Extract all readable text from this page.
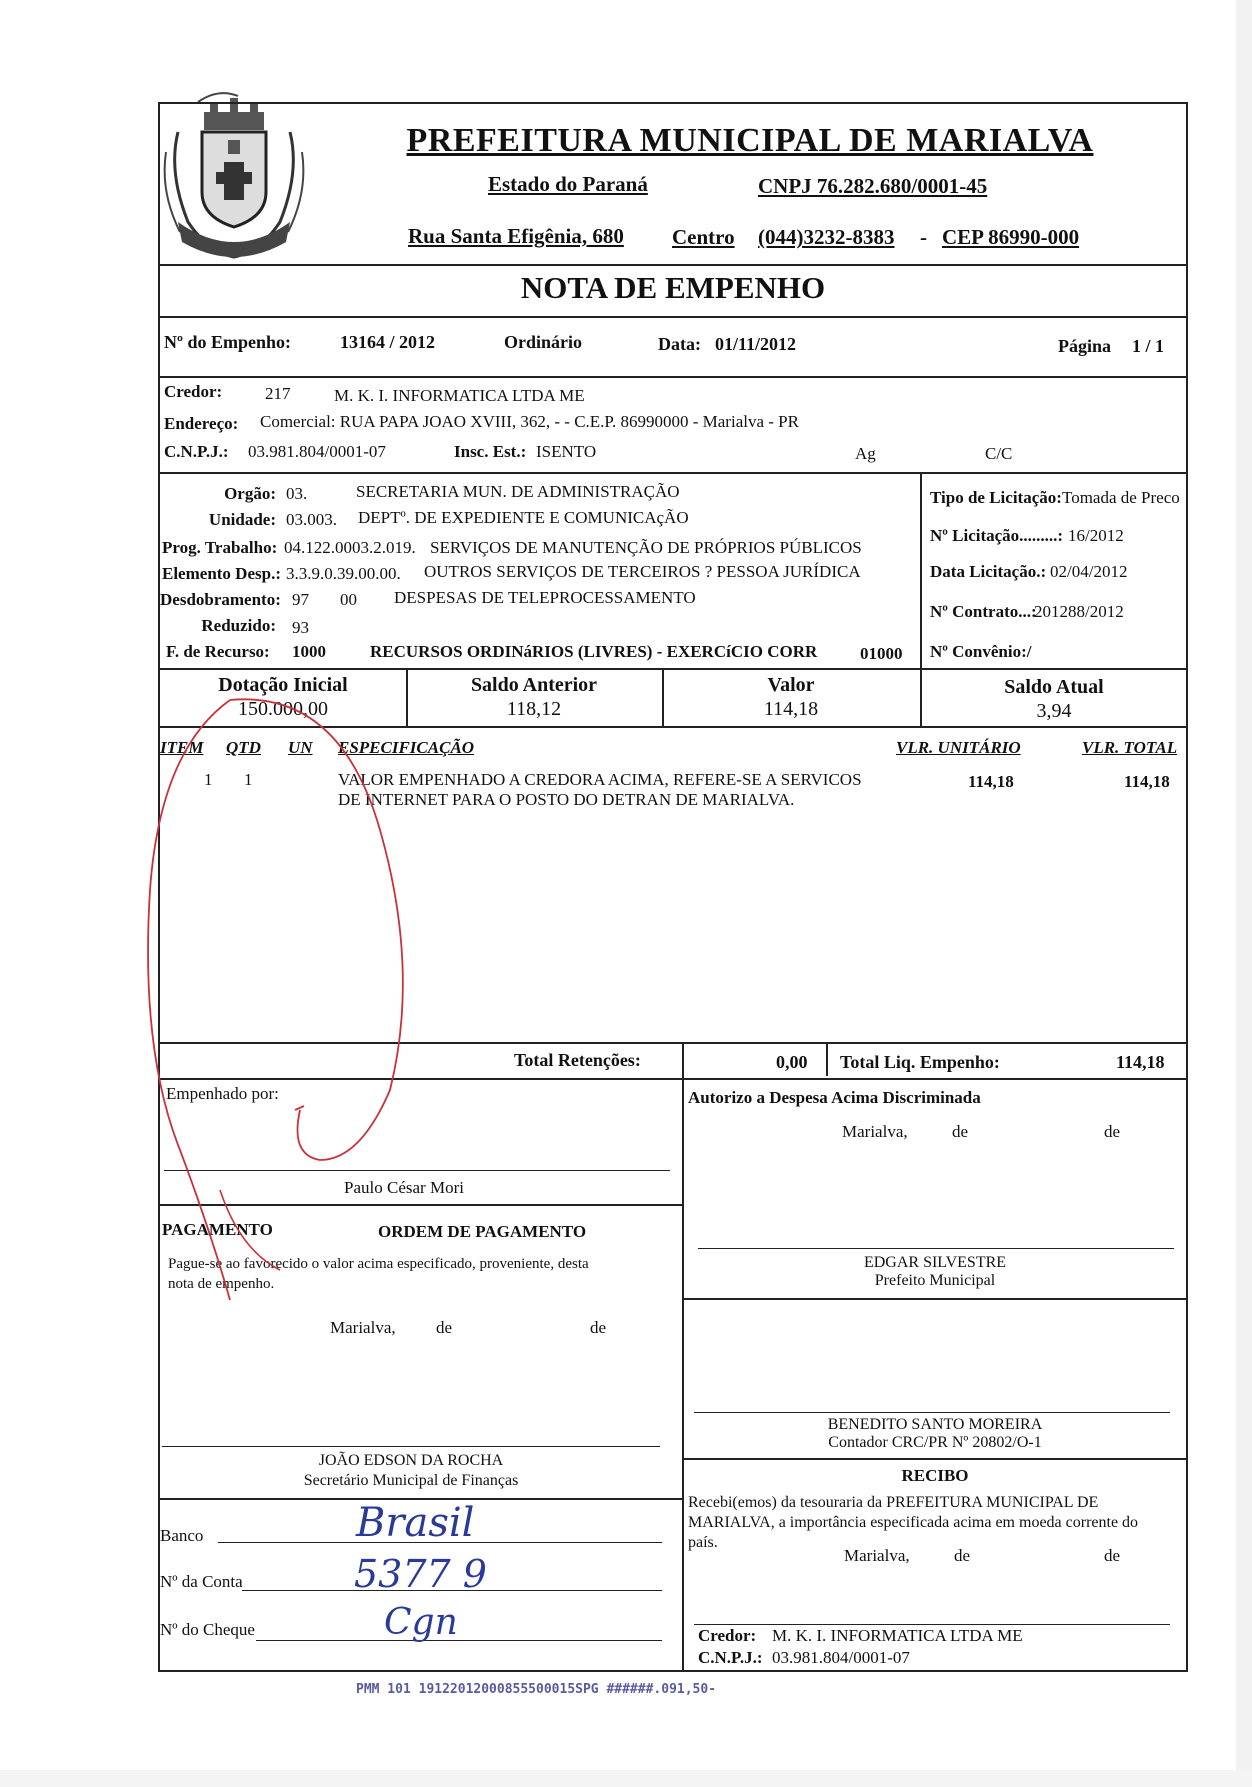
PREFEITURA MUNICIPAL DE MARIALVA
Estado do Paraná	CNPJ 76.282.680/0001-45
Rua Santa Efigênia, 680 Centro (044)3232-8383 - CEP 86990-000
NOTA DE EMPENHO
Nº do Empenho:	13164 / 2012	Ordinário	Data: 01/11/2012	Página 1 / 1
Credor:	217	M. K. I. INFORMATICA LTDA ME
Endereço: Comercial: RUA PAPA JOAO XVIII, 362, - - C.E.P. 86990000 - Marialva - PR
C.N.P.J.: 03.981.804/0001-07	Insc. Est.: ISENTO	Ag	C/C
Orgão: 03.	SECRETARIA MUN. DE ADMINISTRAÇÃO
Unidade: 03.003. DEPTº. DE EXPEDIENTE E COMUNICAçÃO
Prog. Trabalho: 04.122.0003.2.019. SERVIÇOS DE MANUTENÇÃO DE PRÓPRIOS PÚBLICOS
Elemento Desp.: 3.3.9.0.39.00.00. OUTROS SERVIÇOS DE TERCEIROS ? PESSOA JURÍDICA
Desdobramento: 97 00 DESPESAS DE TELEPROCESSAMENTO
Reduzido: 93
F. de Recurso: 1000	RECURSOS ORDINáRIOS (LIVRES) - EXERCíCIO CORR	01000
Tipo de Licitação: Tomada de Preco
Nº Licitação.........: 16/2012
Data Licitação.: 02/04/2012
Nº Contrato...:
201288/2012
Nº Convênio:/
Dotação Inicial
150.000,00
Saldo Anterior
118,12
Valor
114,18
Saldo Atual
3,94
ITEM QTD UN ESPECIFICAÇÃO	VLR. UNITÁRIO	VLR. TOTAL
1 1	VALOR EMPENHADO A CREDORA ACIMA, REFERE-SE A SERVICOS
DE INTERNET PARA O POSTO DO DETRAN DE MARIALVA.
114,18	114,18
Total Retenções:	0,00 Total Liq. Empenho:	114,18
Empenhado por:
Paulo César Mori
PAGAMENTO	ORDEM DE PAGAMENTO
Pague-se ao favorecido o valor acima especificado, proveniente, desta
nota de empenho.
Marialva, de	de
JOÃO EDSON DA ROCHA
Secretário Municipal de Finanças
Banco
Nº da Conta
Nº do Cheque
Brasil
5377 9
Cgn
Autorizo a Despesa Acima Discriminada
Marialva,	de	de
EDGAR SILVESTRE
Prefeito Municipal
BENEDITO SANTO MOREIRA
Contador CRC/PR Nº 20802/O-1
RECIBO
Recebi(emos) da tesouraria da PREFEITURA MUNICIPAL DE
MARIALVA, a importância especificada acima em moeda corrente do
país.
Marialva,	de	de
Credor: M. K. I. INFORMATICA LTDA ME
C.N.P.J.: 03.981.804/0001-07
PMM 101 19122012000855500015SPG ######.091,50-
